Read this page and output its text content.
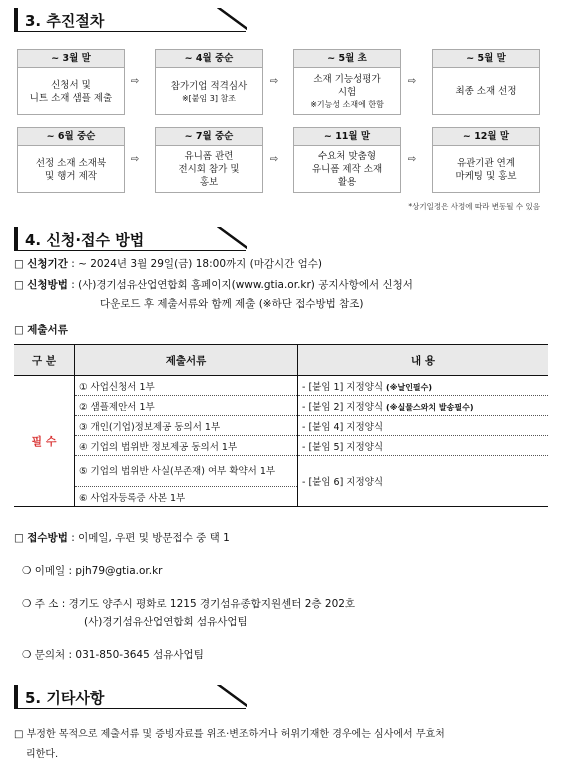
3. 추진절차
~ 3월 말
신청서 및
니트 소재 샘플 제출
⇨
~ 4월 중순
참가기업 적격심사
※[붙임 3] 참조
⇨
~ 5월 초
소재 기능성평가
시험
※기능성 소재에 한함
⇨
~ 5월 말
최종 소재 선정
~ 6월 중순
선정 소재 소재북
및 행거 제작
⇨
~ 7월 중순
유니폼 관련
전시회 참가 및
홍보
⇨
~ 11월 말
수요처 맞춤형
유니폼 제작 소재
활용
⇨
~ 12월 말
유관기관 연계
마케팅 및 홍보
*상기일정은 사정에 따라 변동될 수 있음
4. 신청·접수 방법
□ 신청기간 : ~ 2024년 3월 29일(금) 18:00까지 (마감시간 엄수)
□ 신청방법 : (사)경기섬유산업연합회 홈페이지(www.gtia.or.kr) 공지사항에서 신청서
다운로드 후 제출서류와 함께 제출 (※하단 접수방법 참조)
□ 제출서류
구 분	제출서류	내 용
필 수	① 사업신청서 1부	- [붙임 1] 지정양식 (※날인필수)
	② 샘플제안서 1부	- [붙임 2] 지정양식 (※실물스와치 발송필수)
	③ 개인(기업)정보제공 동의서 1부	- [붙임 4] 지정양식
	④ 기업의 법위반 정보제공 동의서 1부	- [붙임 5] 지정양식
	⑤ 기업의 법위반 사실(부존재) 여부 확약서 1부	- [붙임 6] 지정양식
	⑥ 사업자등록증 사본 1부	
□ 접수방법 : 이메일, 우편 및 방문접수 중 택 1
❍ 이메일 : pjh79@gtia.or.kr
❍ 주 소 : 경기도 양주시 평화로 1215 경기섬유종합지원센터 2층 202호
(사)경기섬유산업연합회 섬유사업팀
❍ 문의처 : 031-850-3645 섬유사업팀
5. 기타사항
□ 부정한 목적으로 제출서류 및 증빙자료를 위조·변조하거나 허위기재한 경우에는 심사에서 무효처
리한다.
